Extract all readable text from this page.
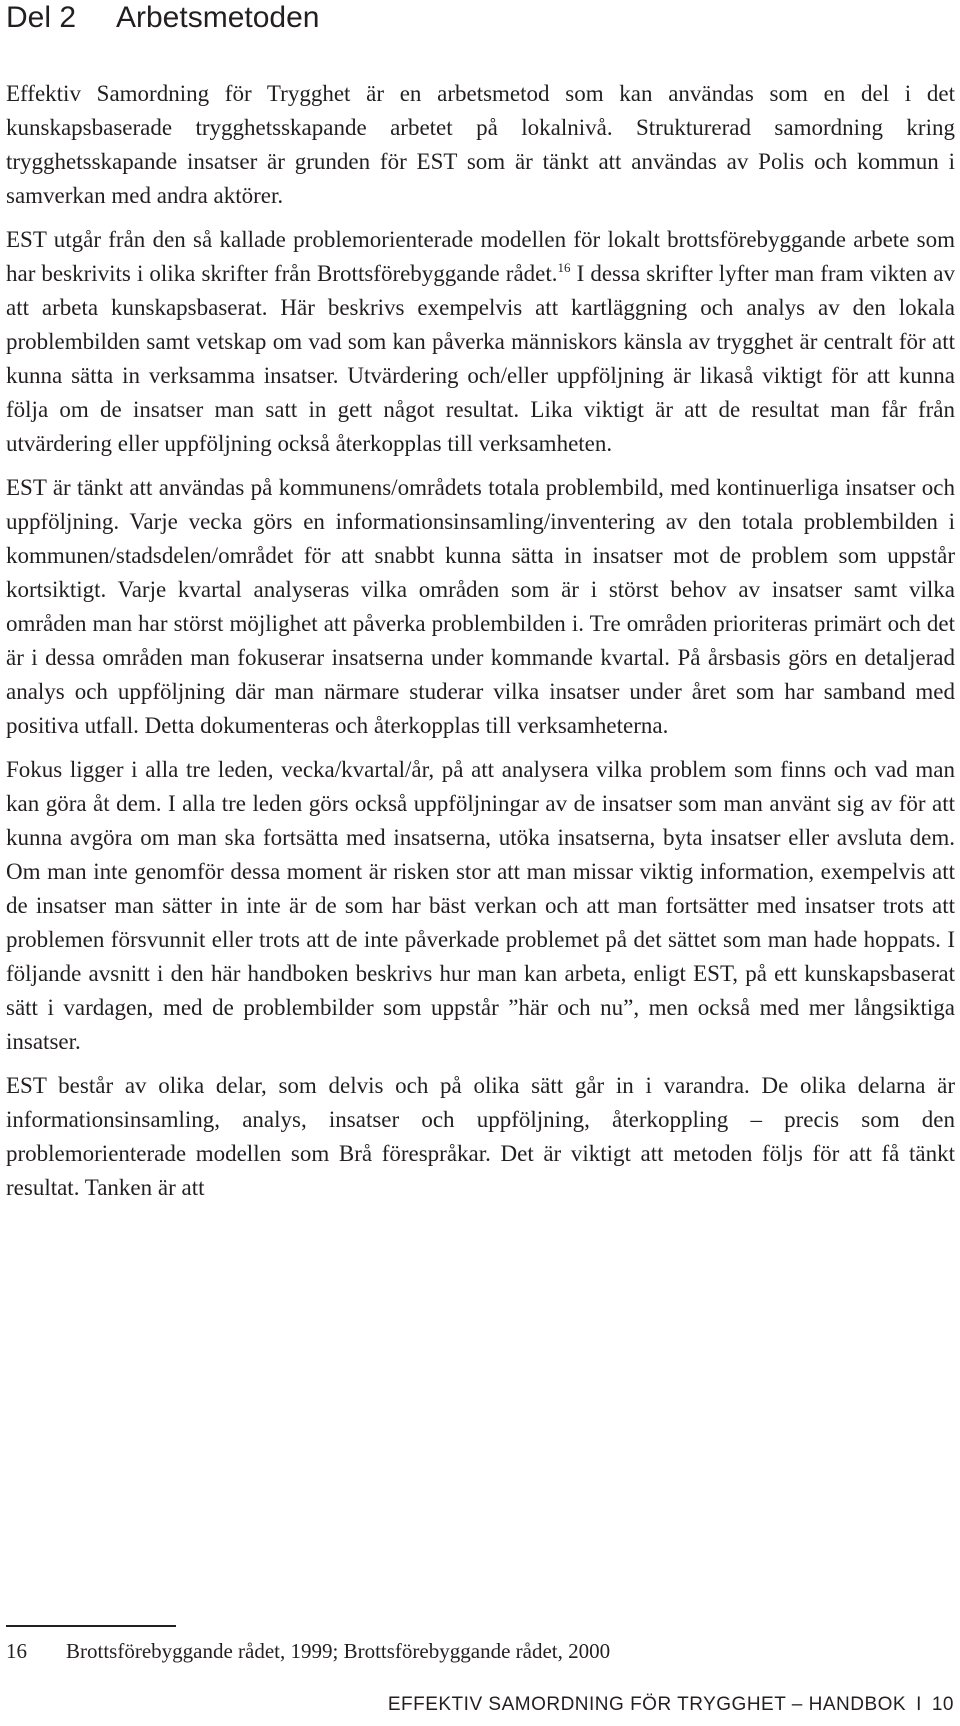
Del 2 Arbetsmetoden

Effektiv Samordning för Trygghet är en arbetsmetod som kan användas som en del i det kunskapsbaserade trygghetsskapande arbetet på lokalnivå. Strukturerad samordning kring trygghetsskapande insatser är grunden för EST som är tänkt att användas av Polis och kommun i samverkan med andra aktörer.

EST utgår från den så kallade problemorienterade modellen för lokalt brottsförebyggande arbete som har beskrivits i olika skrifter från Brottsförebyggande rådet.$^{16}$ I dessa skrifter lyfter man fram vikten av att arbeta kunskapsbaserat. Här beskrivs exempelvis att kartläggning och analys av den lokala problembilden samt vetskap om vad som kan påverka människors känsla av trygghet är centralt för att kunna sätta in verksamma insatser. Utvärdering och/eller uppföljning är likaså viktigt för att kunna följa om de insatser man satt in gett något resultat. Lika viktigt är att de resultat man får från utvärdering eller uppföljning också återkopplas till verksamheten.

EST är tänkt att användas på kommunens/områdets totala problembild, med kontinuerliga insatser och uppföljning. Varje vecka görs en informationsinsamling/inventering av den totala problembilden i kommunen/stadsdelen/området för att snabbt kunna sätta in insatser mot de problem som uppstår kortsiktigt. Varje kvartal analyseras vilka områden som är i störst behov av insatser samt vilka områden man har störst möjlighet att påverka problembilden i. Tre områden prioriteras primärt och det är i dessa områden man fokuserar insatserna under kommande kvartal. På årsbasis görs en detaljerad analys och uppföljning där man närmare studerar vilka insatser under året som har samband med positiva utfall. Detta dokumenteras och återkopplas till verksamheterna.

Fokus ligger i alla tre leden, vecka/kvartal/år, på att analysera vilka problem som finns och vad man kan göra åt dem. I alla tre leden görs också uppföljningar av de insatser som man använt sig av för att kunna avgöra om man ska fortsätta med insatserna, utöka insatserna, byta insatser eller avsluta dem. Om man inte genomför dessa moment är risken stor att man missar viktig information, exempelvis att de insatser man sätter in inte är de som har bäst verkan och att man fortsätter med insatser trots att problemen försvunnit eller trots att de inte påverkade problemet på det sättet som man hade hoppats. I följande avsnitt i den här handboken beskrivs hur man kan arbeta, enligt EST, på ett kunskapsbaserat sätt i vardagen, med de problembilder som uppstår ”här och nu”, men också med mer långsiktiga insatser.

EST består av olika delar, som delvis och på olika sätt går in i varandra. De olika delarna är informationsinsamling, analys, insatser och uppföljning, återkoppling – precis som den problemorienterade modellen som Brå förespråkar. Det är viktigt att metoden följs för att få tänkt resultat. Tanken är att

16 Brottsförebyggande rådet, 1999; Brottsförebyggande rådet, 2000
EFFEKTIV SAMORDNING FÖR TRYGGHET – HANDBOK I 10
